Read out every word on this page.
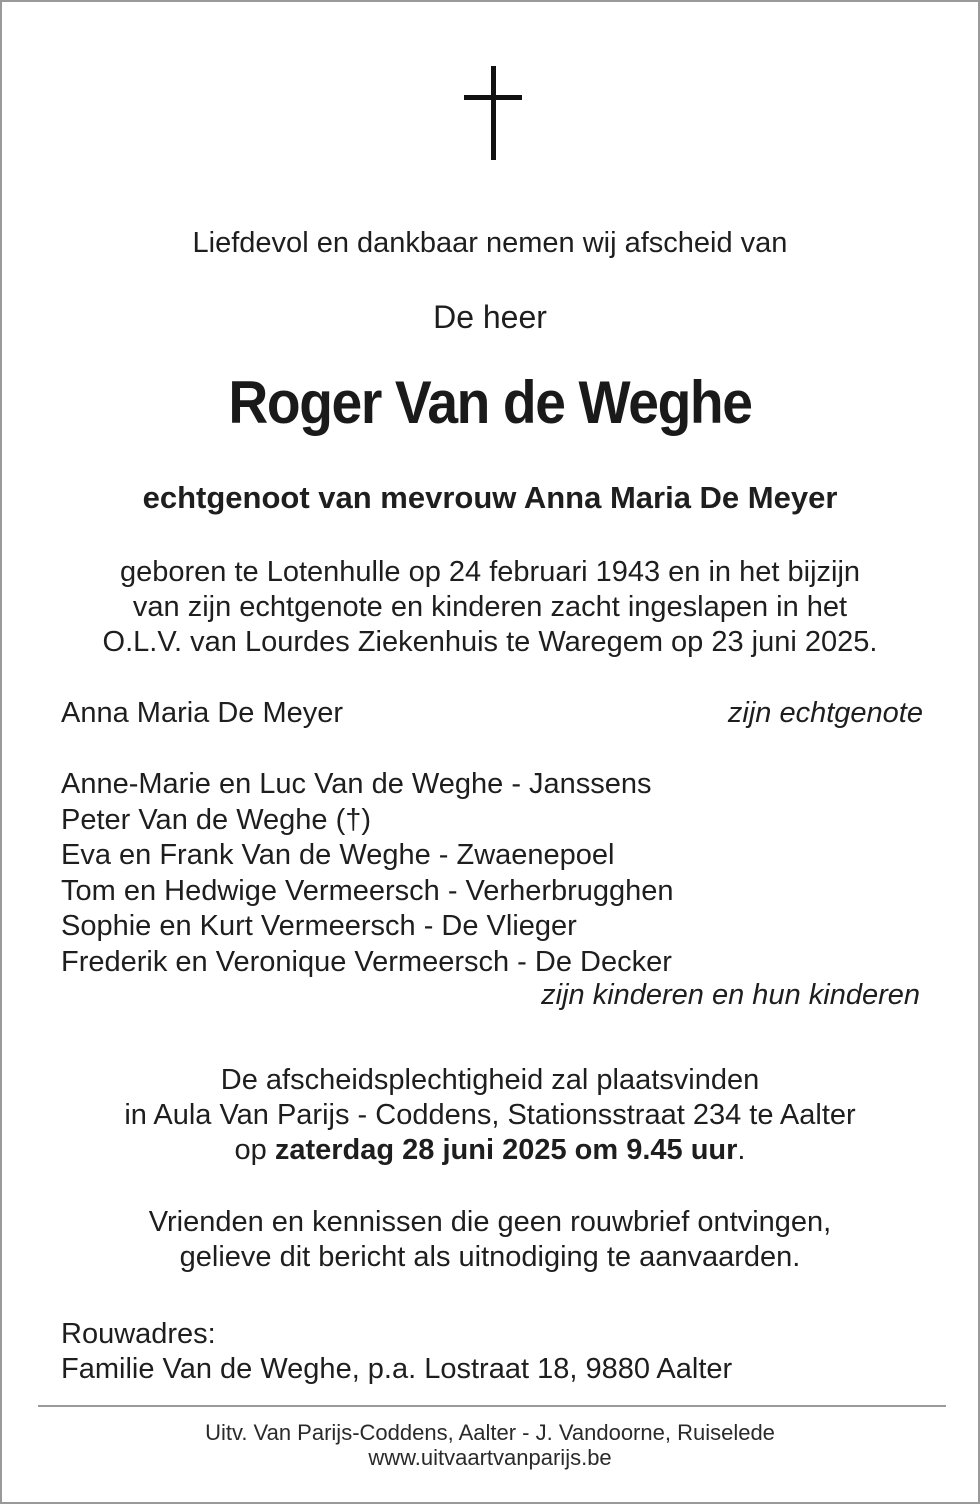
Liefdevol en dankbaar nemen wij afscheid van
De heer
Roger Van de Weghe
echtgenoot van mevrouw Anna Maria De Meyer
geboren te Lotenhulle op 24 februari 1943 en in het bijzijn
van zijn echtgenote en kinderen zacht ingeslapen in het
O.L.V. van Lourdes Ziekenhuis te Waregem op 23 juni 2025.
Anna Maria De Meyer	zijn echtgenote
Anne-Marie en Luc Van de Weghe - Janssens
Peter Van de Weghe (†)
Eva en Frank Van de Weghe - Zwaenepoel
Tom en Hedwige Vermeersch - Verherbrugghen
Sophie en Kurt Vermeersch - De Vlieger
Frederik en Veronique Vermeersch - De Decker
zijn kinderen en hun kinderen
De afscheidsplechtigheid zal plaatsvinden
in Aula Van Parijs - Coddens, Stationsstraat 234 te Aalter
op zaterdag 28 juni 2025 om 9.45 uur.
Vrienden en kennissen die geen rouwbrief ontvingen,
gelieve dit bericht als uitnodiging te aanvaarden.
Rouwadres:
Familie Van de Weghe, p.a. Lostraat 18, 9880 Aalter
Uitv. Van Parijs-Coddens, Aalter - J. Vandoorne, Ruiselede
www.uitvaartvanparijs.be
